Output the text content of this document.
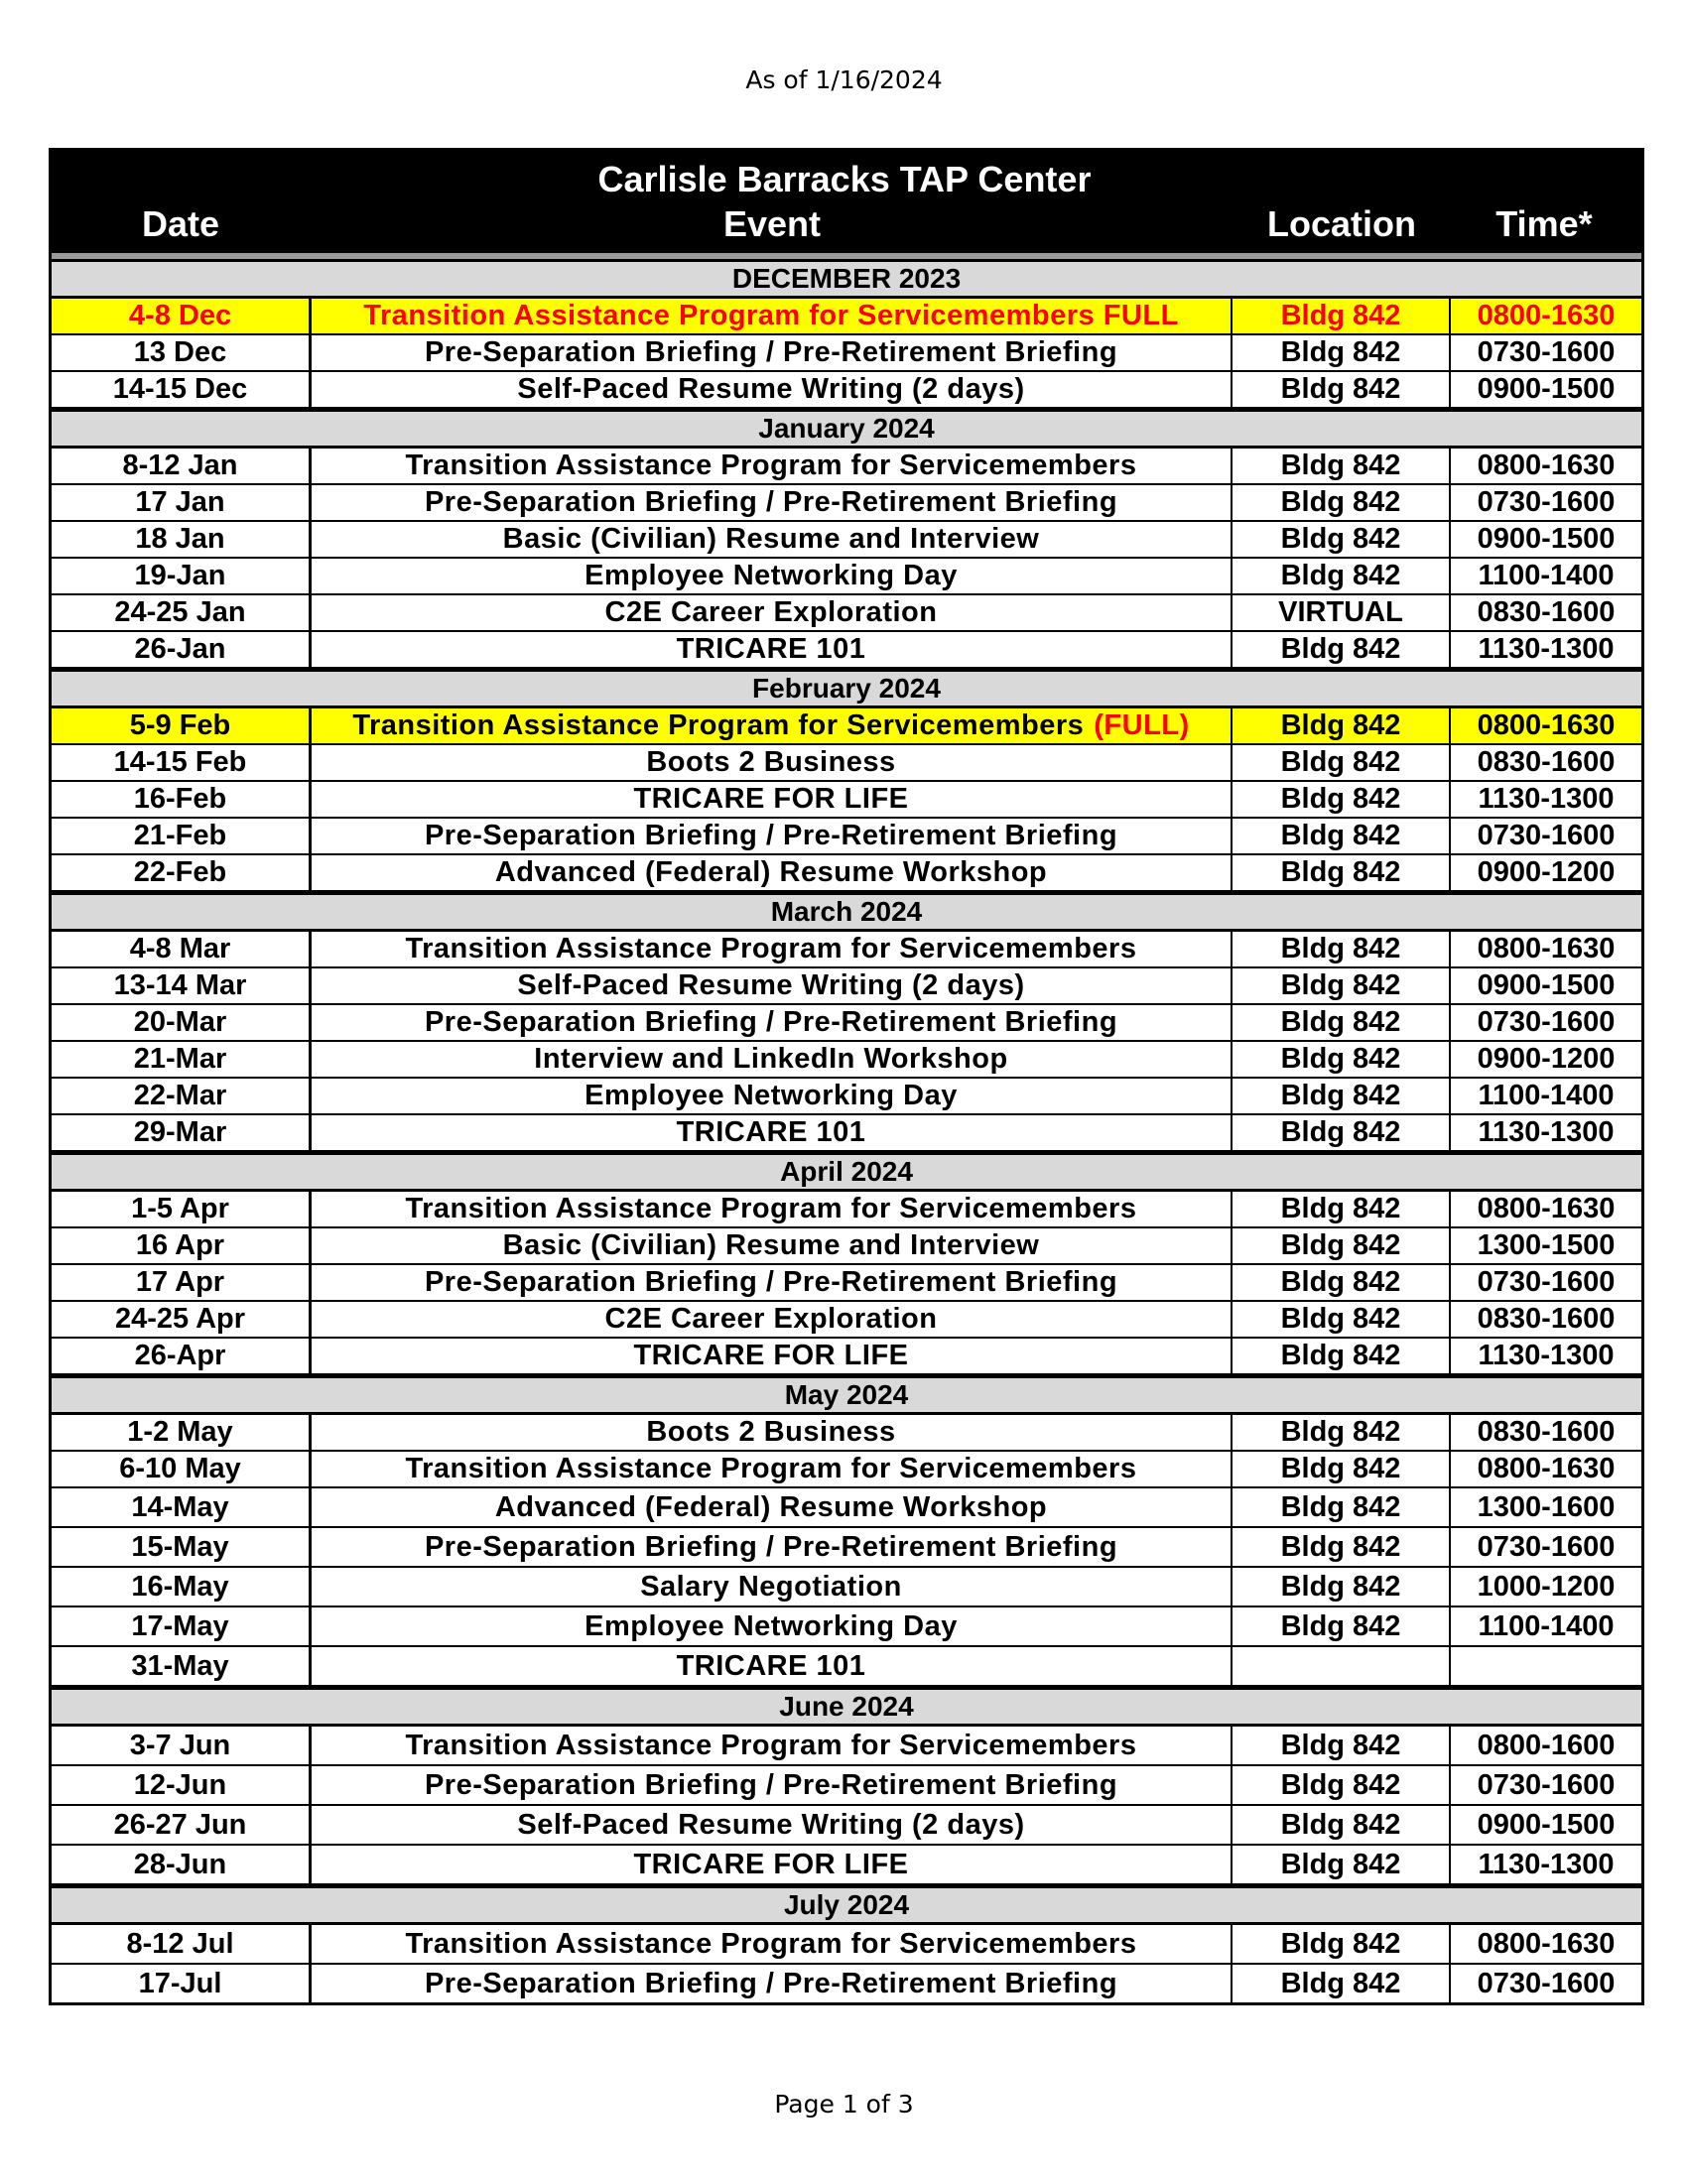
As of 1/16/2024
Carlisle Barracks TAP Center
Date	Event	Location	Time*
DECEMBER 2023
4-8 Dec	Transition Assistance Program for Servicemembers FULL	Bldg 842	0800-1630
13 Dec	Pre-Separation Briefing / Pre-Retirement Briefing	Bldg 842	0730-1600
14-15 Dec	Self-Paced Resume Writing (2 days)	Bldg 842	0900-1500
January 2024
8-12 Jan	Transition Assistance Program for Servicemembers	Bldg 842	0800-1630
17 Jan	Pre-Separation Briefing / Pre-Retirement Briefing	Bldg 842	0730-1600
18 Jan	Basic (Civilian) Resume and Interview	Bldg 842	0900-1500
19-Jan	Employee Networking Day	Bldg 842	1100-1400
24-25 Jan	C2E Career Exploration	VIRTUAL	0830-1600
26-Jan	TRICARE 101	Bldg 842	1130-1300
February 2024
5-9 Feb	Transition Assistance Program for Servicemembers (FULL)	Bldg 842	0800-1630
14-15 Feb	Boots 2 Business	Bldg 842	0830-1600
16-Feb	TRICARE FOR LIFE	Bldg 842	1130-1300
21-Feb	Pre-Separation Briefing / Pre-Retirement Briefing	Bldg 842	0730-1600
22-Feb	Advanced (Federal) Resume Workshop	Bldg 842	0900-1200
March 2024
4-8 Mar	Transition Assistance Program for Servicemembers	Bldg 842	0800-1630
13-14 Mar	Self-Paced Resume Writing (2 days)	Bldg 842	0900-1500
20-Mar	Pre-Separation Briefing / Pre-Retirement Briefing	Bldg 842	0730-1600
21-Mar	Interview and LinkedIn Workshop	Bldg 842	0900-1200
22-Mar	Employee Networking Day	Bldg 842	1100-1400
29-Mar	TRICARE 101	Bldg 842	1130-1300
April 2024
1-5 Apr	Transition Assistance Program for Servicemembers	Bldg 842	0800-1630
16 Apr	Basic (Civilian) Resume and Interview	Bldg 842	1300-1500
17 Apr	Pre-Separation Briefing / Pre-Retirement Briefing	Bldg 842	0730-1600
24-25 Apr	C2E Career Exploration	Bldg 842	0830-1600
26-Apr	TRICARE FOR LIFE	Bldg 842	1130-1300
May 2024
1-2 May	Boots 2 Business	Bldg 842	0830-1600
6-10 May	Transition Assistance Program for Servicemembers	Bldg 842	0800-1630
14-May	Advanced (Federal) Resume Workshop	Bldg 842	1300-1600
15-May	Pre-Separation Briefing / Pre-Retirement Briefing	Bldg 842	0730-1600
16-May	Salary Negotiation	Bldg 842	1000-1200
17-May	Employee Networking Day	Bldg 842	1100-1400
31-May	TRICARE 101
June 2024
3-7 Jun	Transition Assistance Program for Servicemembers	Bldg 842	0800-1600
12-Jun	Pre-Separation Briefing / Pre-Retirement Briefing	Bldg 842	0730-1600
26-27 Jun	Self-Paced Resume Writing (2 days)	Bldg 842	0900-1500
28-Jun	TRICARE FOR LIFE	Bldg 842	1130-1300
July 2024
8-12 Jul	Transition Assistance Program for Servicemembers	Bldg 842	0800-1630
17-Jul	Pre-Separation Briefing / Pre-Retirement Briefing	Bldg 842	0730-1600
Page 1 of 3
